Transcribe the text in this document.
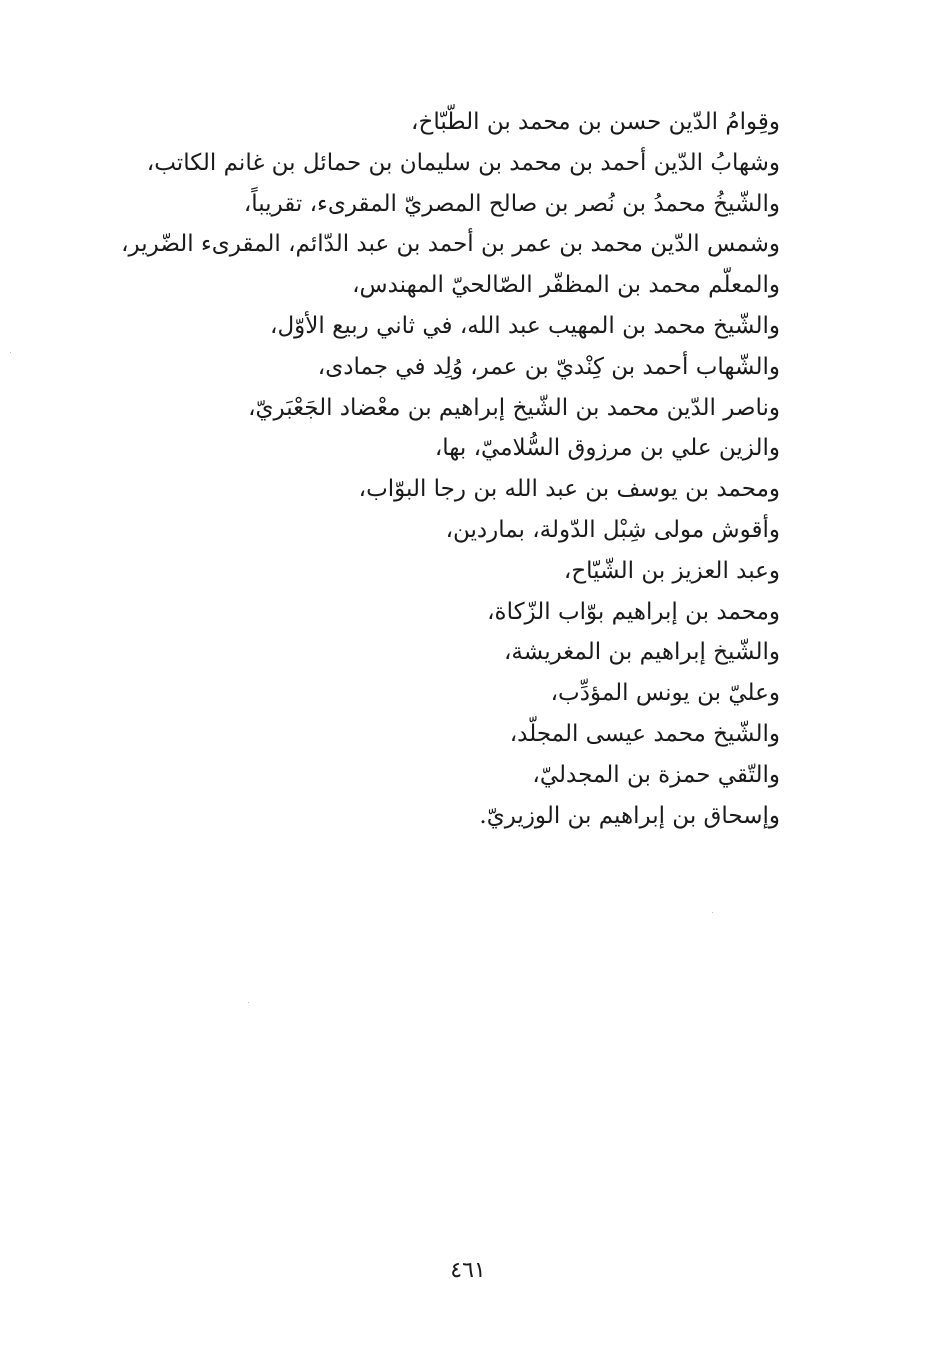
وقِوامُ الدّين حسن بن محمد بن الطّبّاخ،
وشهابُ الدّين أحمد بن محمد بن سليمان بن حمائل بن غانم الكاتب،
والشّيخُ محمدُ بن نُصر بن صالح المصريّ المقرىء، تقريباً،
وشمس الدّين محمد بن عمر بن أحمد بن عبد الدّائم، المقرىء الضّرير،
والمعلّم محمد بن المظفّر الصّالحيّ المهندس،
والشّيخ محمد بن المهيب عبد الله، في ثاني ربيع الأوّل،
والشّهاب أحمد بن كِنْديّ بن عمر، وُلِد في جمادى،
وناصر الدّين محمد بن الشّيخ إبراهيم بن معْضاد الجَعْبَريّ،
والزين علي بن مرزوق السُّلاميّ، بها،
ومحمد بن يوسف بن عبد الله بن رجا البوّاب،
وأقوش مولى شِبْل الدّولة، بماردين،
وعبد العزيز بن الشّيّاح،
ومحمد بن إبراهيم بوّاب الزّكاة،
والشّيخ إبراهيم بن المغريشة،
وعليّ بن يونس المؤدِّب،
والشّيخ محمد عيسى المجلّد،
والتّقي حمزة بن المجدليّ،
وإسحاق بن إبراهيم بن الوزيريّ.
٤٦١
